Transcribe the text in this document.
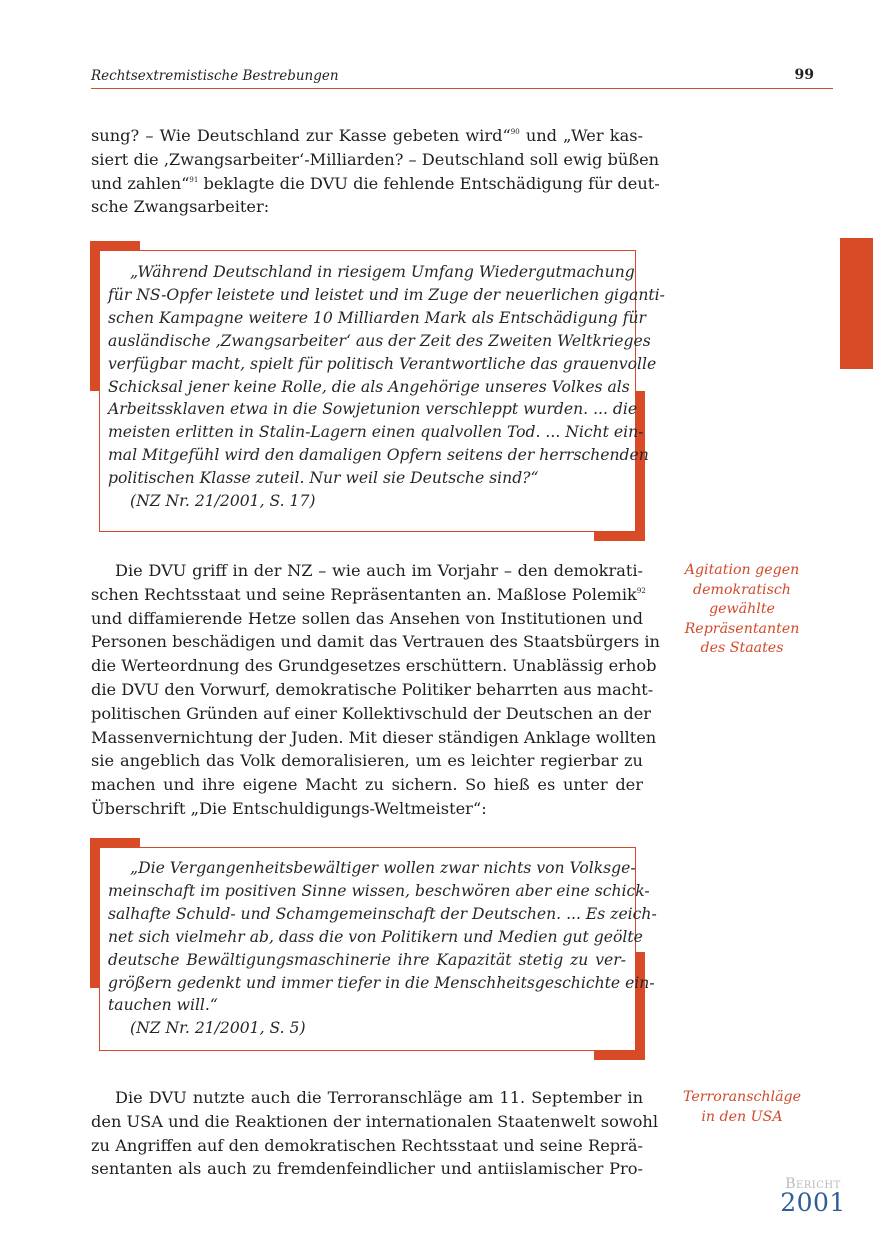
Rechtsextremistische Bestrebungen	99

sung? – Wie Deutschland zur Kasse gebeten wird“$^{90}$ und „Wer kas-
siert die ‚Zwangsarbeiter‘-Milliarden? – Deutschland soll ewig büßen
und zahlen“$^{91}$ beklagte die DVU die fehlende Entschädigung für deut-
sche Zwangsarbeiter:

„Während Deutschland in riesigem Umfang Wiedergutmachung
für NS-Opfer leistete und leistet und im Zuge der neuerlichen giganti-
schen Kampagne weitere 10 Milliarden Mark als Entschädigung für
ausländische ‚Zwangsarbeiter‘ aus der Zeit des Zweiten Weltkrieges
verfügbar macht, spielt für politisch Verantwortliche das grauenvolle
Schicksal jener keine Rolle, die als Angehörige unseres Volkes als
Arbeitssklaven etwa in die Sowjetunion verschleppt wurden. ... die
meisten erlitten in Stalin-Lagern einen qualvollen Tod. ... Nicht ein-
mal Mitgefühl wird den damaligen Opfern seitens der herrschenden
politischen Klasse zuteil. Nur weil sie Deutsche sind?“
(NZ Nr. 21/2001, S. 17)

Die DVU griff in der NZ – wie auch im Vorjahr – den demokrati-
schen Rechtsstaat und seine Repräsentanten an. Maßlose Polemik$^{92}$
und diffamierende Hetze sollen das Ansehen von Institutionen und
Personen beschädigen und damit das Vertrauen des Staatsbürgers in
die Werteordnung des Grundgesetzes erschüttern. Unablässig erhob
die DVU den Vorwurf, demokratische Politiker beharrten aus macht-
politischen Gründen auf einer Kollektivschuld der Deutschen an der
Massenvernichtung der Juden. Mit dieser ständigen Anklage wollten
sie angeblich das Volk demoralisieren, um es leichter regierbar zu
machen und ihre eigene Macht zu sichern. So hieß es unter der
Überschrift „Die Entschuldigungs-Weltmeister“:

Agitation gegen
demokratisch
gewählte
Repräsentanten
des Staates
„Die Vergangenheitsbewältiger wollen zwar nichts von Volksge-
meinschaft im positiven Sinne wissen, beschwören aber eine schick-
salhafte Schuld- und Schamgemeinschaft der Deutschen. ... Es zeich-
net sich vielmehr ab, dass die von Politikern und Medien gut geölte
deutsche Bewältigungsmaschinerie ihre Kapazität stetig zu ver-
größern gedenkt und immer tiefer in die Menschheitsgeschichte ein-
tauchen will.“
(NZ Nr. 21/2001, S. 5)

Die DVU nutzte auch die Terroranschläge am 11. September in
den USA und die Reaktionen der internationalen Staatenwelt sowohl
zu Angriffen auf den demokratischen Rechtsstaat und seine Reprä-
sentanten als auch zu fremdenfeindlicher und antiislamischer Pro-

Terroranschläge
in den USA
Bericht
2001
